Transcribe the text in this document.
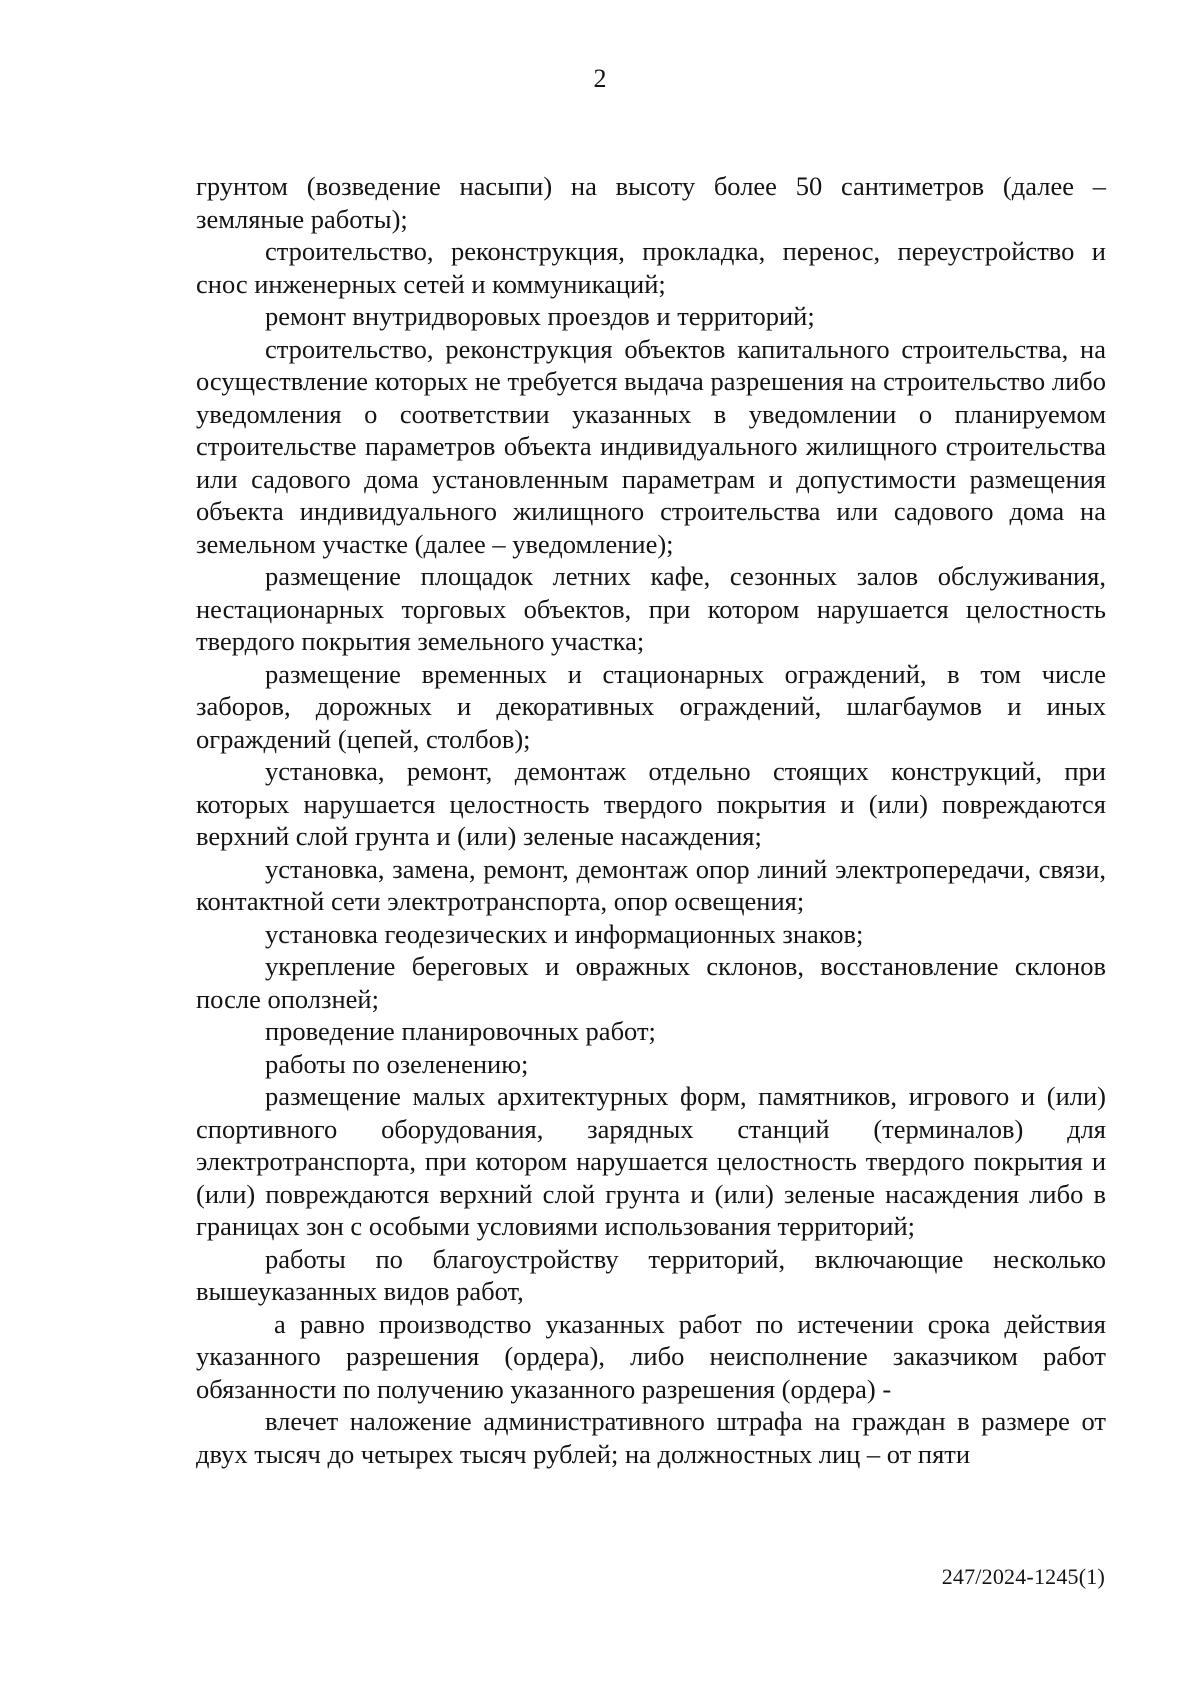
2

грунтом (возведение насыпи) на высоту более 50 сантиметров (далее – земляные работы);

строительство, реконструкция, прокладка, перенос, переустройство и снос инженерных сетей и коммуникаций;

ремонт внутридворовых проездов и территорий;

строительство, реконструкция объектов капитального строительства, на осуществление которых не требуется выдача разрешения на строительство либо уведомления о соответствии указанных в уведомлении о планируемом строительстве параметров объекта индивидуального жилищного строительства или садового дома установленным параметрам и допустимости размещения объекта индивидуального жилищного строительства или садового дома на земельном участке (далее – уведомление);

размещение площадок летних кафе, сезонных залов обслуживания, нестационарных торговых объектов, при котором нарушается целостность твердого покрытия земельного участка;

размещение временных и стационарных ограждений, в том числе заборов, дорожных и декоративных ограждений, шлагбаумов и иных ограждений (цепей, столбов);

установка, ремонт, демонтаж отдельно стоящих конструкций, при которых нарушается целостность твердого покрытия и (или) повреждаются верхний слой грунта и (или) зеленые насаждения;

установка, замена, ремонт, демонтаж опор линий электропередачи, связи, контактной сети электротранспорта, опор освещения;

установка геодезических и информационных знаков;

укрепление береговых и овражных склонов, восстановление склонов после оползней;

проведение планировочных работ;

работы по озеленению;

размещение малых архитектурных форм, памятников, игрового и (или) спортивного оборудования, зарядных станций (терминалов) для электротранспорта, при котором нарушается целостность твердого покрытия и (или) повреждаются верхний слой грунта и (или) зеленые насаждения либо в границах зон с особыми условиями использования территорий;

работы по благоустройству территорий, включающие несколько вышеуказанных видов работ,

а равно производство указанных работ по истечении срока действия указанного разрешения (ордера), либо неисполнение заказчиком работ обязанности по получению указанного разрешения (ордера) -

влечет наложение административного штрафа на граждан в размере от двух тысяч до четырех тысяч рублей; на должностных лиц – от пяти

247/2024-1245(1)
